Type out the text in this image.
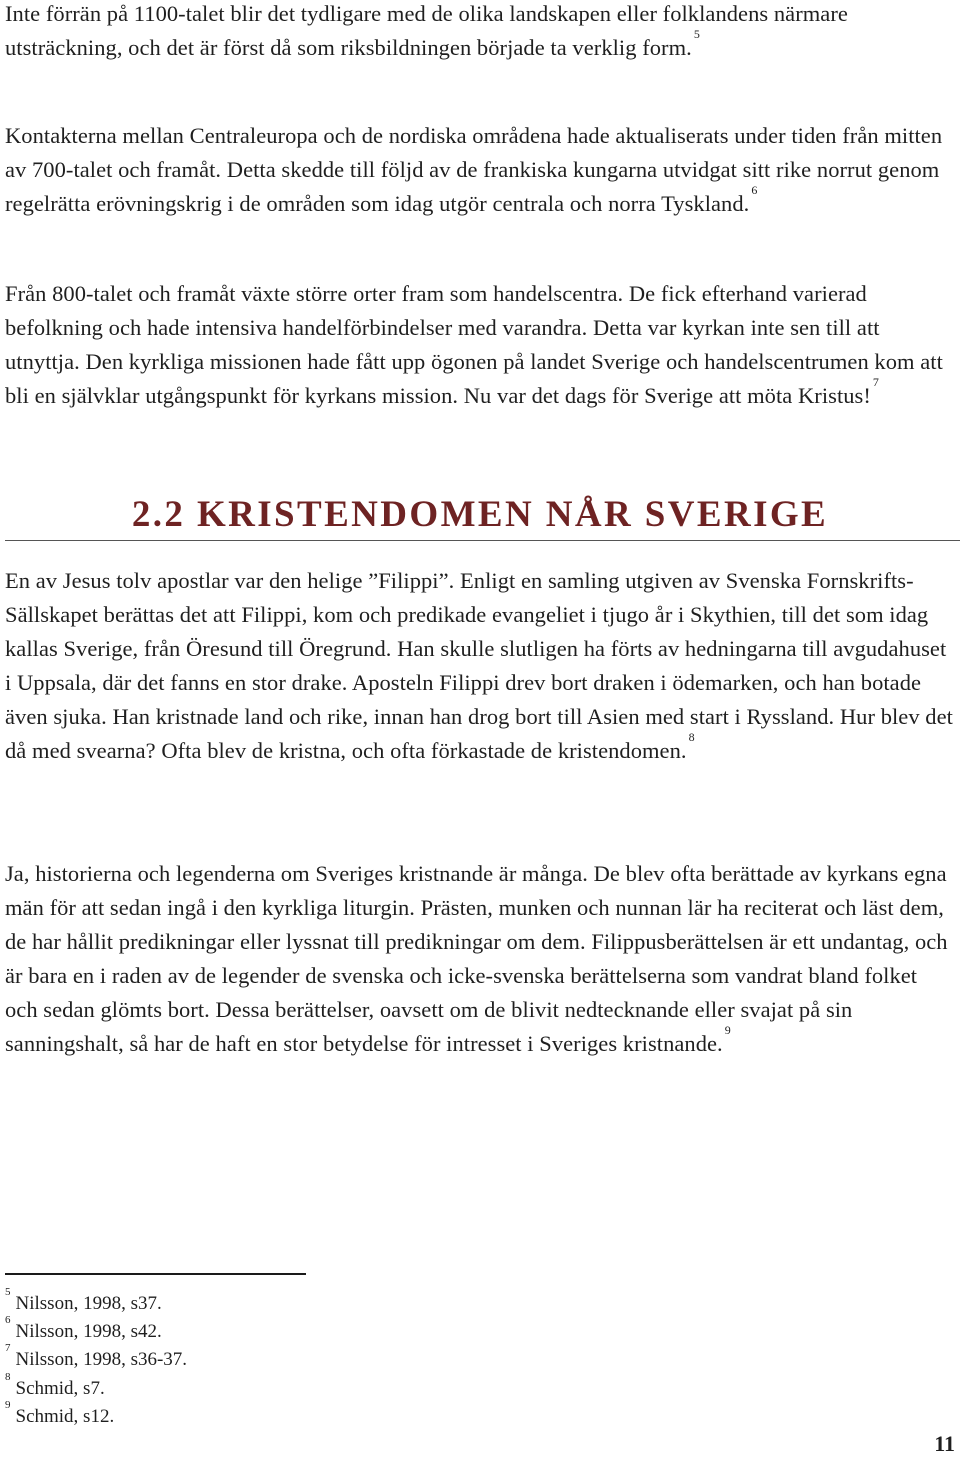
Inte förrän på 1100-talet blir det tydligare med de olika landskapen eller folklandens närmare utsträckning, och det är först då som riksbildningen började ta verklig form.$^5$

Kontakterna mellan Centraleuropa och de nordiska områdena hade aktualiserats under tiden från mitten av 700-talet och framåt. Detta skedde till följd av de frankiska kungarna utvidgat sitt rike norrut genom regelrätta erövningskrig i de områden som idag utgör centrala och norra Tyskland.$^6$

Från 800-talet och framåt växte större orter fram som handelscentra. De fick efterhand varierad befolkning och hade intensiva handelförbindelser med varandra. Detta var kyrkan inte sen till att utnyttja. Den kyrkliga missionen hade fått upp ögonen på landet Sverige och handelscentrumen kom att bli en självklar utgångspunkt för kyrkans mission. Nu var det dags för Sverige att möta Kristus!$^7$

2.2 KRISTENDOMEN NÅR SVERIGE

En av Jesus tolv apostlar var den helige ”Filippi”. Enligt en samling utgiven av Svenska Fornskrifts-Sällskapet berättas det att Filippi, kom och predikade evangeliet i tjugo år i Skythien, till det som idag kallas Sverige, från Öresund till Öregrund. Han skulle slutligen ha förts av hedningarna till avgudahuset i Uppsala, där det fanns en stor drake. Aposteln Filippi drev bort draken i ödemarken, och han botade även sjuka. Han kristnade land och rike, innan han drog bort till Asien med start i Ryssland. Hur blev det då med svearna? Ofta blev de kristna, och ofta förkastade de kristendomen.$^8$

Ja, historierna och legenderna om Sveriges kristnande är många. De blev ofta berättade av kyrkans egna män för att sedan ingå i den kyrkliga liturgin. Prästen, munken och nunnan lär ha reciterat och läst dem, de har hållit predikningar eller lyssnat till predikningar om dem. Filippusberättelsen är ett undantag, och är bara en i raden av de legender de svenska och icke-svenska berättelserna som vandrat bland folket och sedan glömts bort. Dessa berättelser, oavsett om de blivit nedtecknande eller svajat på sin sanningshalt, så har de haft en stor betydelse för intresset i Sveriges kristnande.$^9$

$^5$Nilsson, 1998, s37.
$^6$Nilsson, 1998, s42.
$^7$Nilsson, 1998, s36-37.
$^8$Schmid, s7.
$^9$Schmid, s12.
11
